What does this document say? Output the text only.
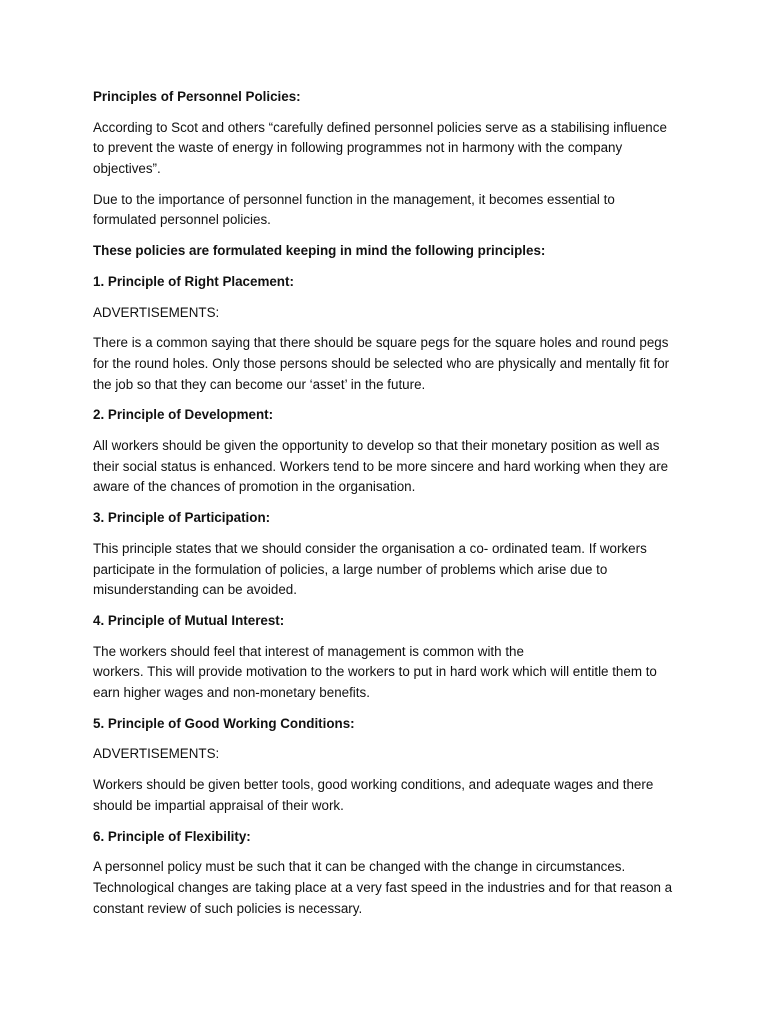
Principles of Personnel Policies:

According to Scot and others “carefully defined personnel policies serve as a stabilising influence to prevent the waste of energy in following programmes not in harmony with the company objectives”.

Due to the importance of personnel function in the management, it becomes essential to formulated personnel policies.

These policies are formulated keeping in mind the following principles:

1. Principle of Right Placement:

ADVERTISEMENTS:

There is a common saying that there should be square pegs for the square holes and round pegs for the round holes. Only those persons should be selected who are physically and mentally fit for the job so that they can become our ‘asset’ in the future.

2. Principle of Development:

All workers should be given the opportunity to develop so that their monetary position as well as their social status is enhanced. Workers tend to be more sincere and hard working when they are aware of the chances of promotion in the organisation.

3. Principle of Participation:

This principle states that we should consider the organisation a co- ordinated team. If workers participate in the formulation of policies, a large number of problems which arise due to misunderstanding can be avoided.

4. Principle of Mutual Interest:

The workers should feel that interest of management is common with the
workers. This will provide motivation to the workers to put in hard work which will entitle them to earn higher wages and non-monetary benefits.

5. Principle of Good Working Conditions:

ADVERTISEMENTS:

Workers should be given better tools, good working conditions, and adequate wages and there should be impartial appraisal of their work.

6. Principle of Flexibility:

A personnel policy must be such that it can be changed with the change in circumstances. Technological changes are taking place at a very fast speed in the industries and for that reason a constant review of such policies is necessary.
